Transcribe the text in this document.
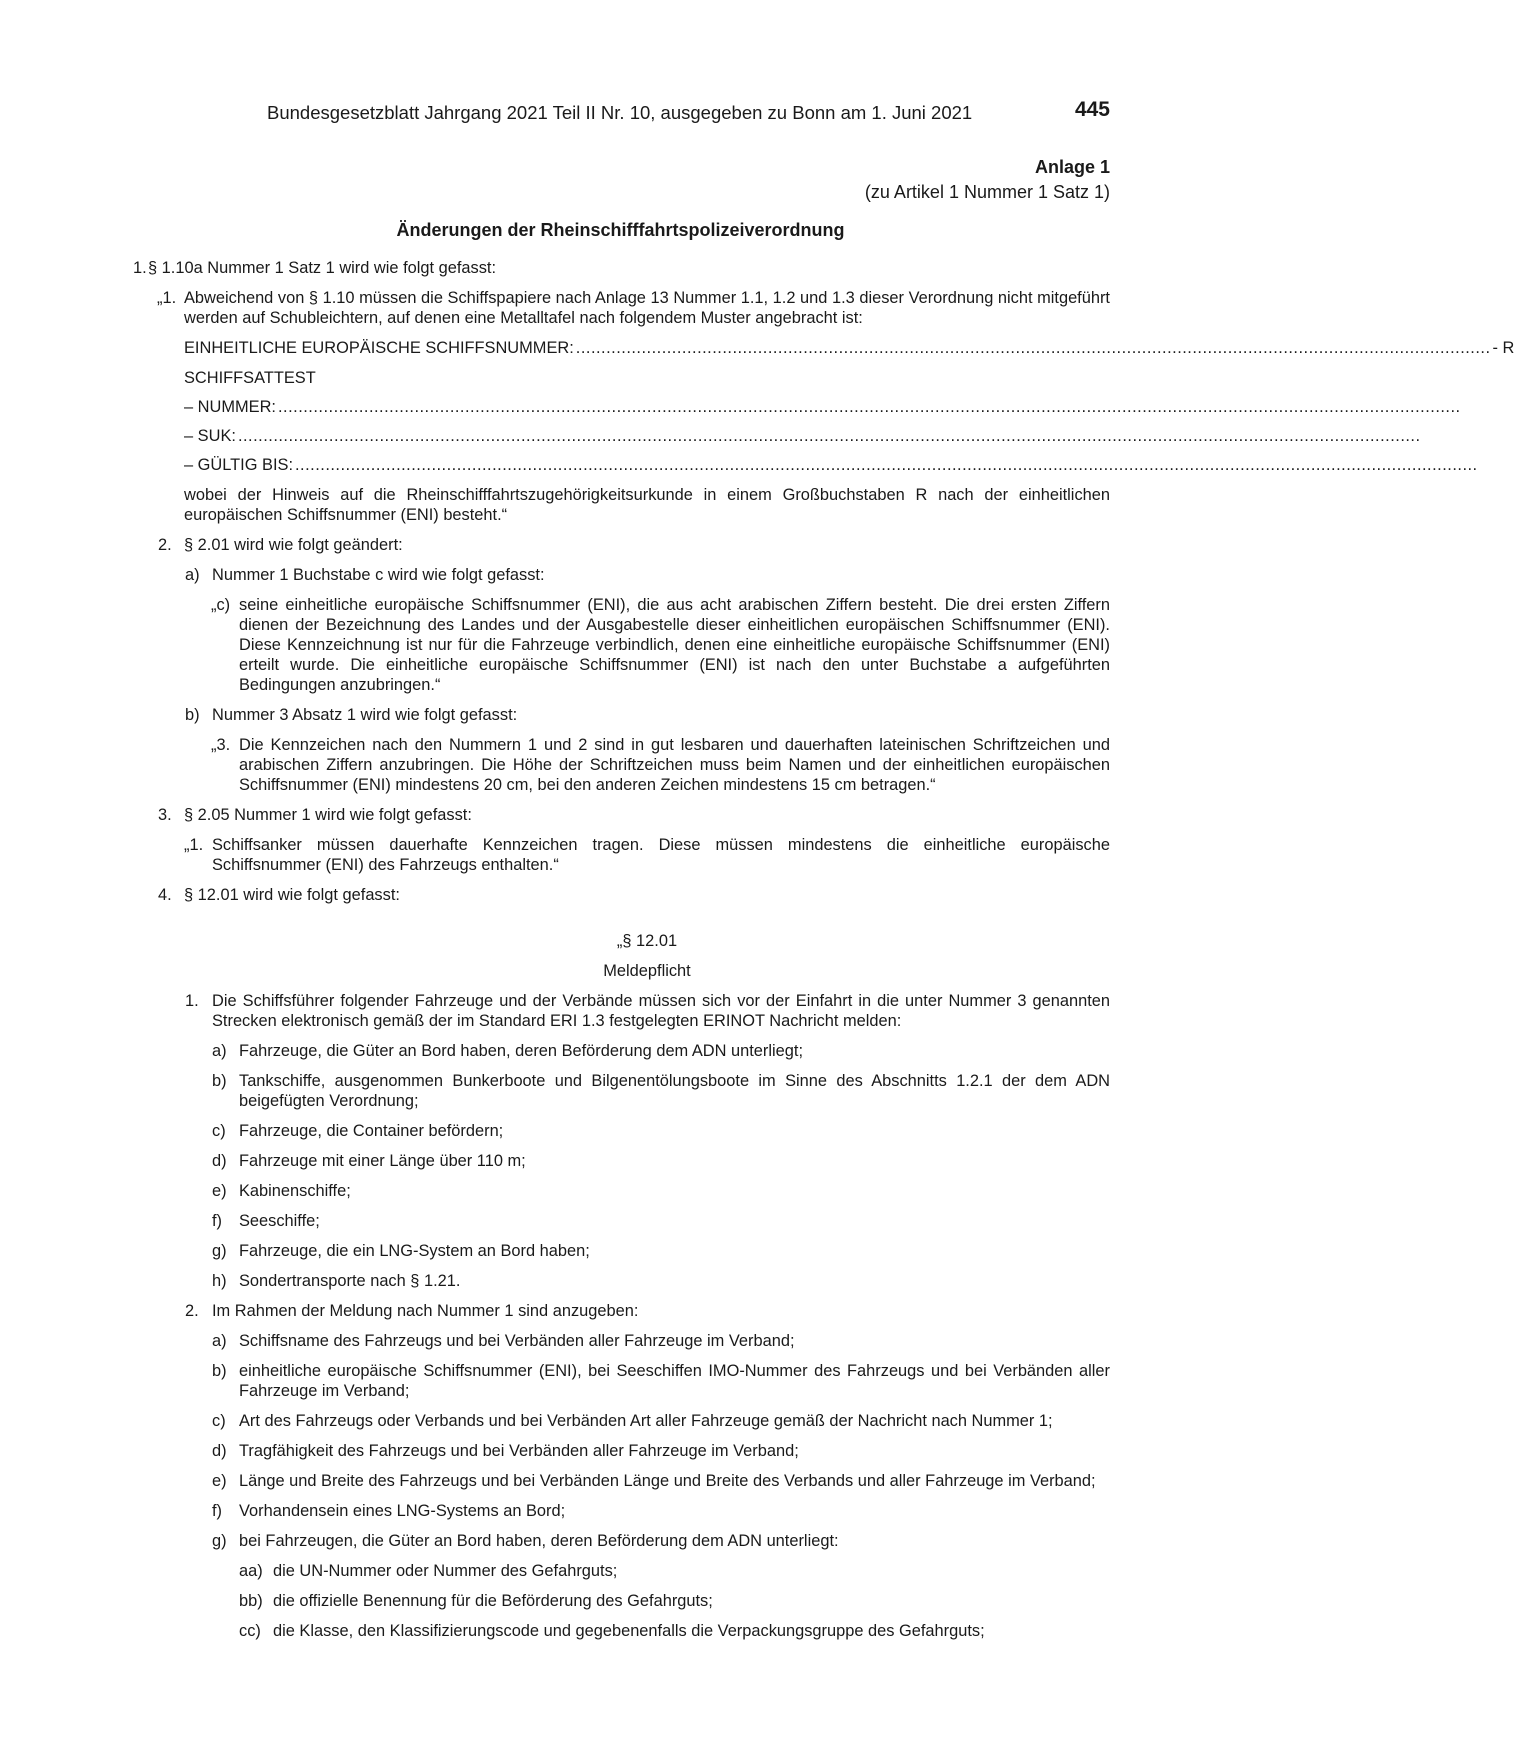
Bundesgesetzblatt Jahrgang 2021 Teil II Nr. 10, ausgegeben zu Bonn am 1. Juni 2021	445
Anlage 1
(zu Artikel 1 Nummer 1 Satz 1)
Änderungen der Rheinschifffahrtspolizeiverordnung
1. § 1.10a Nummer 1 Satz 1 wird wie folgt gefasst:

„1. Abweichend von § 1.10 müssen die Schiffspapiere nach Anlage 13 Nummer 1.1, 1.2 und 1.3 dieser Verordnung nicht mitgeführt werden auf Schubleichtern, auf denen eine Metalltafel nach folgendem Muster angebracht ist:

EINHEITLICHE EUROPÄISCHE SCHIFFSNUMMER: ..................................................................................................................................................................................... - R

SCHIFFSATTEST

– NUMMER: ..........................................................................................................................................................................................................................................
– SUK: ..........................................................................................................................................................................................................................................
– GÜLTIG BIS: ..........................................................................................................................................................................................................................................

wobei der Hinweis auf die Rheinschifffahrtszugehörigkeitsurkunde in einem Großbuchstaben R nach der einheitlichen europäischen Schiffsnummer (ENI) besteht.“

2. § 2.01 wird wie folgt geändert:

a) Nummer 1 Buchstabe c wird wie folgt gefasst:

„c) seine einheitliche europäische Schiffsnummer (ENI), die aus acht arabischen Ziffern besteht. Die drei ersten Ziffern dienen der Bezeichnung des Landes und der Ausgabestelle dieser einheitlichen europäischen Schiffsnummer (ENI). Diese Kennzeichnung ist nur für die Fahrzeuge verbindlich, denen eine einheitliche europäische Schiffsnummer (ENI) erteilt wurde. Die einheitliche europäische Schiffsnummer (ENI) ist nach den unter Buchstabe a aufgeführten Bedingungen anzubringen.“

b) Nummer 3 Absatz 1 wird wie folgt gefasst:

„3. Die Kennzeichen nach den Nummern 1 und 2 sind in gut lesbaren und dauerhaften lateinischen Schriftzeichen und arabischen Ziffern anzubringen. Die Höhe der Schriftzeichen muss beim Namen und der einheitlichen europäischen Schiffsnummer (ENI) mindestens 20 cm, bei den anderen Zeichen mindestens 15 cm betragen.“

3. § 2.05 Nummer 1 wird wie folgt gefasst:

„1. Schiffsanker müssen dauerhafte Kennzeichen tragen. Diese müssen mindestens die einheitliche europäische Schiffsnummer (ENI) des Fahrzeugs enthalten.“

4. § 12.01 wird wie folgt gefasst:

„§ 12.01

Meldepflicht

1. Die Schiffsführer folgender Fahrzeuge und der Verbände müssen sich vor der Einfahrt in die unter Nummer 3 genannten Strecken elektronisch gemäß der im Standard ERI 1.3 festgelegten ERINOT Nachricht melden:

a) Fahrzeuge, die Güter an Bord haben, deren Beförderung dem ADN unterliegt;

b) Tankschiffe, ausgenommen Bunkerboote und Bilgenentölungsboote im Sinne des Abschnitts 1.2.1 der dem ADN beigefügten Verordnung;

c) Fahrzeuge, die Container befördern;

d) Fahrzeuge mit einer Länge über 110 m;

e) Kabinenschiffe;

f) Seeschiffe;

g) Fahrzeuge, die ein LNG-System an Bord haben;

h) Sondertransporte nach § 1.21.

2. Im Rahmen der Meldung nach Nummer 1 sind anzugeben:

a) Schiffsname des Fahrzeugs und bei Verbänden aller Fahrzeuge im Verband;

b) einheitliche europäische Schiffsnummer (ENI), bei Seeschiffen IMO-Nummer des Fahrzeugs und bei Verbänden aller Fahrzeuge im Verband;

c) Art des Fahrzeugs oder Verbands und bei Verbänden Art aller Fahrzeuge gemäß der Nachricht nach Nummer 1;

d) Tragfähigkeit des Fahrzeugs und bei Verbänden aller Fahrzeuge im Verband;

e) Länge und Breite des Fahrzeugs und bei Verbänden Länge und Breite des Verbands und aller Fahrzeuge im Verband;

f) Vorhandensein eines LNG-Systems an Bord;

g) bei Fahrzeugen, die Güter an Bord haben, deren Beförderung dem ADN unterliegt:

aa) die UN-Nummer oder Nummer des Gefahrguts;

bb) die offizielle Benennung für die Beförderung des Gefahrguts;

cc) die Klasse, den Klassifizierungscode und gegebenenfalls die Verpackungsgruppe des Gefahrguts;
